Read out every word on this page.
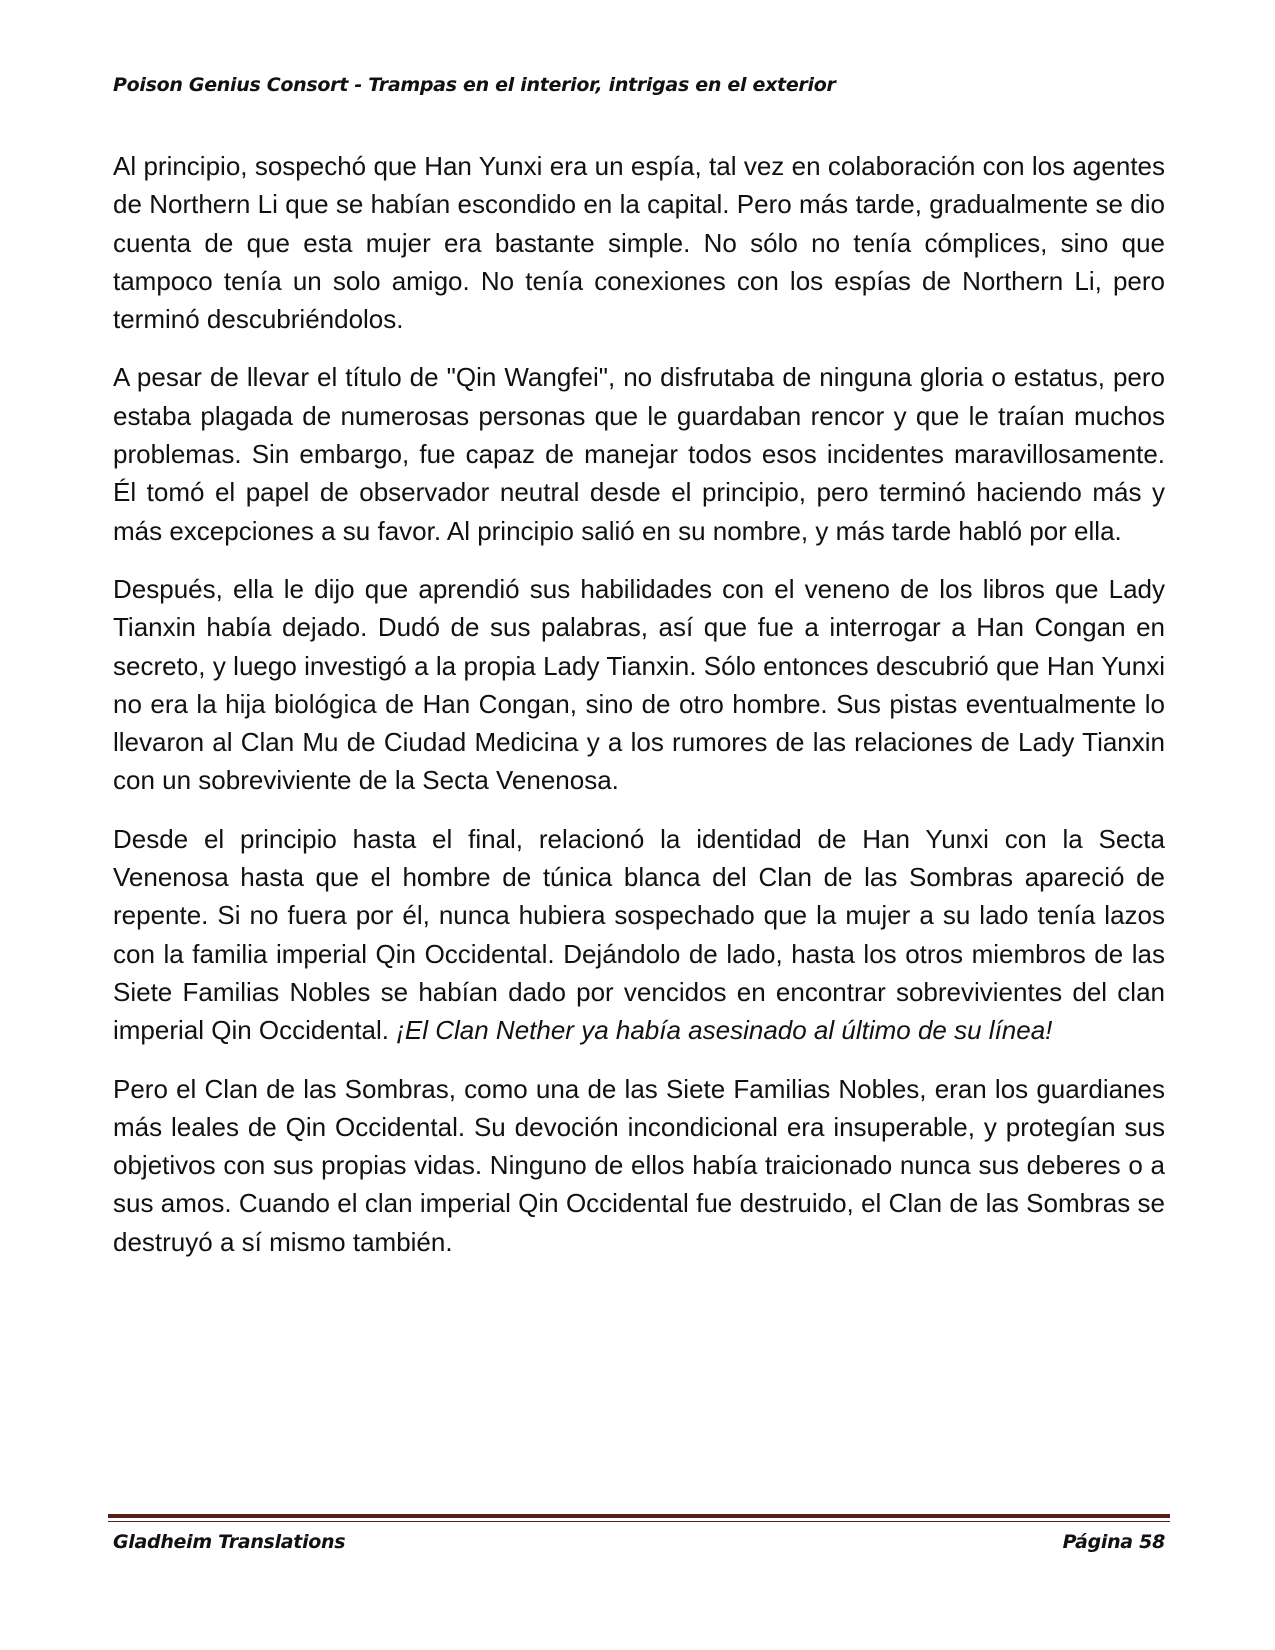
Poison Genius Consort - Trampas en el interior, intrigas en el exterior

Al principio, sospechó que Han Yunxi era un espía, tal vez en colaboración con los agentes de Northern Li que se habían escondido en la capital. Pero más tarde, gradualmente se dio cuenta de que esta mujer era bastante simple. No sólo no tenía cómplices, sino que tampoco tenía un solo amigo. No tenía conexiones con los espías de Northern Li, pero terminó descubriéndolos.

A pesar de llevar el título de "Qin Wangfei", no disfrutaba de ninguna gloria o estatus, pero estaba plagada de numerosas personas que le guardaban rencor y que le traían muchos problemas. Sin embargo, fue capaz de manejar todos esos incidentes maravillosamente. Él tomó el papel de observador neutral desde el principio, pero terminó haciendo más y más excepciones a su favor. Al principio salió en su nombre, y más tarde habló por ella.

Después, ella le dijo que aprendió sus habilidades con el veneno de los libros que Lady Tianxin había dejado. Dudó de sus palabras, así que fue a interrogar a Han Congan en secreto, y luego investigó a la propia Lady Tianxin. Sólo entonces descubrió que Han Yunxi no era la hija biológica de Han Congan, sino de otro hombre. Sus pistas eventualmente lo llevaron al Clan Mu de Ciudad Medicina y a los rumores de las relaciones de Lady Tianxin con un sobreviviente de la Secta Venenosa.

Desde el principio hasta el final, relacionó la identidad de Han Yunxi con la Secta Venenosa hasta que el hombre de túnica blanca del Clan de las Sombras apareció de repente. Si no fuera por él, nunca hubiera sospechado que la mujer a su lado tenía lazos con la familia imperial Qin Occidental. Dejándolo de lado, hasta los otros miembros de las Siete Familias Nobles se habían dado por vencidos en encontrar sobrevivientes del clan imperial Qin Occidental. ¡El Clan Nether ya había asesinado al último de su línea!

Pero el Clan de las Sombras, como una de las Siete Familias Nobles, eran los guardianes más leales de Qin Occidental. Su devoción incondicional era insuperable, y protegían sus objetivos con sus propias vidas. Ninguno de ellos había traicionado nunca sus deberes o a sus amos. Cuando el clan imperial Qin Occidental fue destruido, el Clan de las Sombras se destruyó a sí mismo también.

Gladheim Translations	Página 58
